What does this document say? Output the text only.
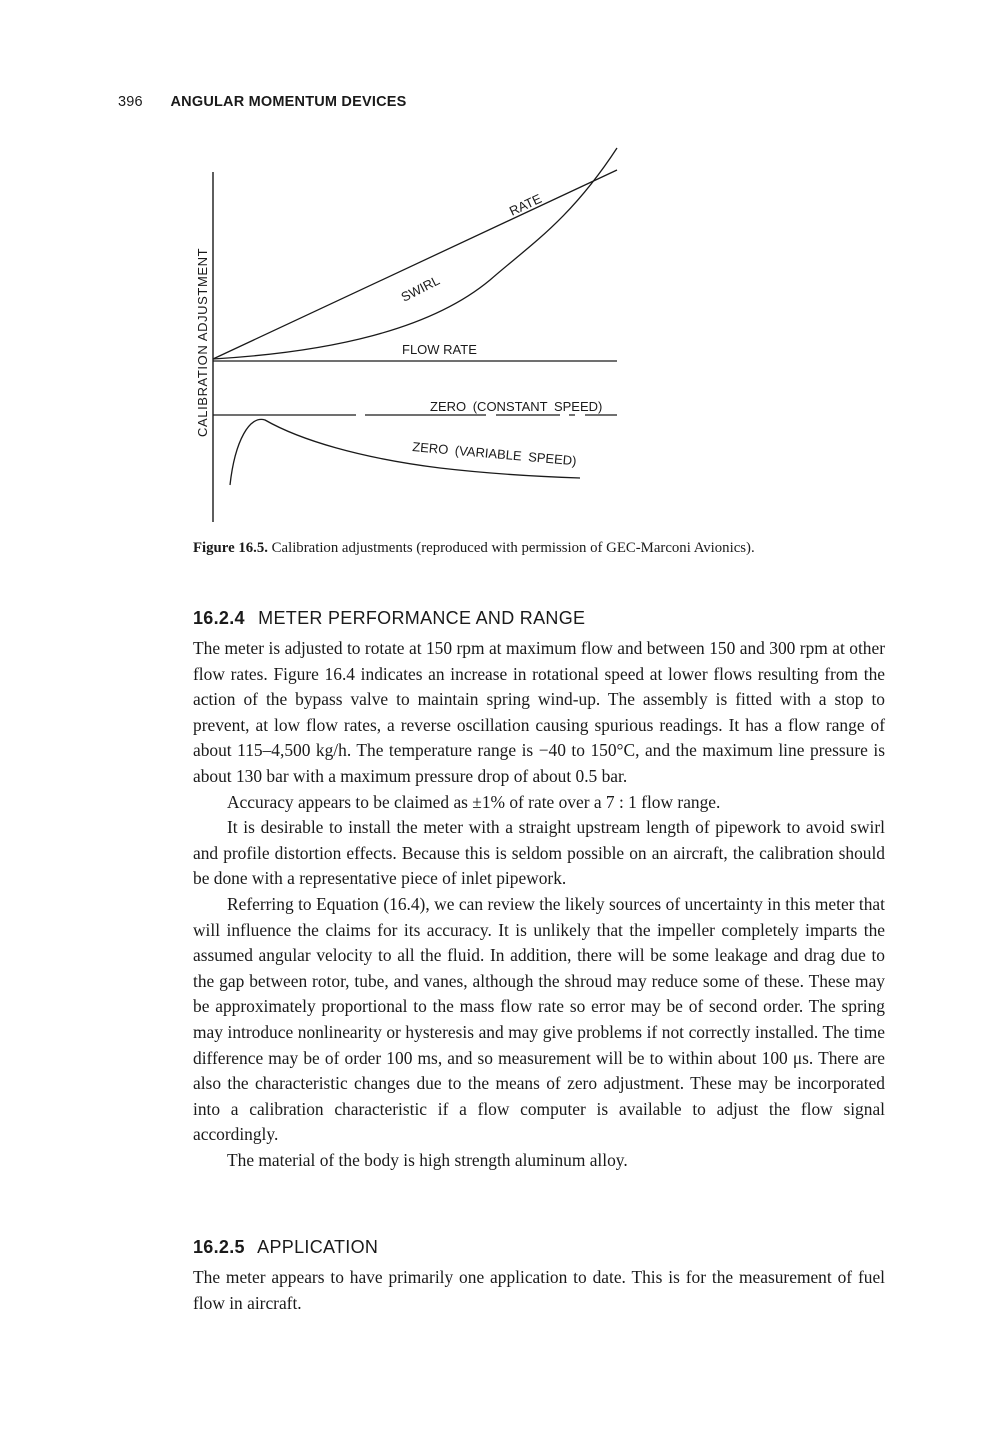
396 ANGULAR MOMENTUM DEVICES
CALIBRATION ADJUSTMENT
RATE
SWIRL
FLOW RATE
ZERO (CONSTANT SPEED)
ZERO (VARIABLE SPEED)
Figure 16.5. Calibration adjustments (reproduced with permission of GEC-Marconi Avionics).
16.2.4 METER PERFORMANCE AND RANGE

The meter is adjusted to rotate at 150 rpm at maximum flow and between 150 and 300 rpm at other flow rates. Figure 16.4 indicates an increase in rotational speed at lower flows resulting from the action of the bypass valve to maintain spring wind-up. The assembly is fitted with a stop to prevent, at low flow rates, a reverse oscillation causing spurious readings. It has a flow range of about 115–4,500 kg/h. The temperature range is −40 to 150°C, and the maximum line pressure is about 130 bar with a maximum pressure drop of about 0.5 bar.

Accuracy appears to be claimed as ±1% of rate over a 7 : 1 flow range.

It is desirable to install the meter with a straight upstream length of pipework to avoid swirl and profile distortion effects. Because this is seldom possible on an aircraft, the calibration should be done with a representative piece of inlet pipework.

Referring to Equation (16.4), we can review the likely sources of uncertainty in this meter that will influence the claims for its accuracy. It is unlikely that the impeller completely imparts the assumed angular velocity to all the fluid. In addition, there will be some leakage and drag due to the gap between rotor, tube, and vanes, although the shroud may reduce some of these. These may be approximately proportional to the mass flow rate so error may be of second order. The spring may introduce nonlinearity or hysteresis and may give problems if not correctly installed. The time difference may be of order 100 ms, and so measurement will be to within about 100 μs. There are also the characteristic changes due to the means of zero adjustment. These may be incorporated into a calibration characteristic if a flow computer is available to adjust the flow signal accordingly.

The material of the body is high strength aluminum alloy.

16.2.5 APPLICATION

The meter appears to have primarily one application to date. This is for the measurement of fuel flow in aircraft.
